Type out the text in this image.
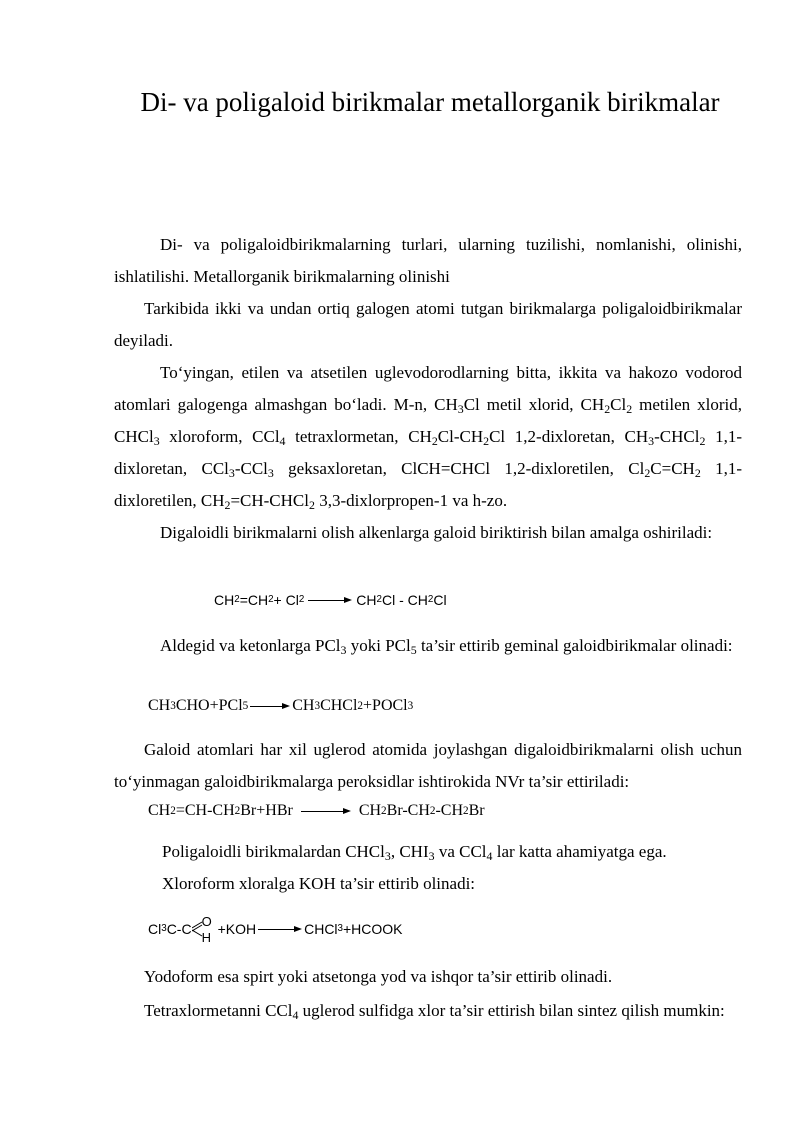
Di- va poligaloid birikmalar metallorganik birikmalar
Di- va poligaloidbirikmalarning turlari, ularning tuzilishi, nomlanishi, olinishi, ishlatilishi. Metallorganik birikmalarning olinishi
Tarkibida ikki va undan ortiq galogen atomi tutgan birikmalarga poligaloidbirikmalar deyiladi.
To‘yingan, etilen va atsetilen uglevodorodlarning bitta, ikkita va hakozo vodorod atomlari galogenga almashgan bo‘ladi. M-n, $CH_3Cl$ metil xlorid, $CH_2Cl_2$ metilen xlorid, CHCl$_3$ xloroform, CCl$_4$ tetraxlormetan, $CH_2Cl-CH_2Cl$ 1,2-dixloretan, $CH_3-CHCl_2$ 1,1-dixloretan, CCl$_3$-CCl$_3$ geksaxloretan, ClCH=CHCl 1,2-dixloretilen, $Cl_2C=CH_2$ 1,1-dixloretilen, $CH_2=CH-CHCl_2$ 3,3-dixlorpropen-1 va h-zo.
Digaloidli birikmalarni olish alkenlarga galoid biriktirish bilan amalga oshiriladi:
CH 2 =CH 2 + Cl 2	CH 2 Cl - CH 2 Cl
Aldegid va ketonlarga PCl$_3$ yoki PCl$_5$ ta’sir ettirib geminal galoidbirikmalar olinadi:
CH 3 CHO+PCl 5	CH 3 CHCl 2 +POCl 3
Galoid atomlari har xil uglerod atomida joylashgan digaloidbirikmalarni olish uchun to‘yinmagan galoidbirikmalarga peroksidlar ishtirokida NVr ta’sir ettiriladi:
CH 2 =CH-CH 2 Br+HBr	CH 2 Br-CH 2 -CH 2 Br
Poligaloidli birikmalardan CHCl$_3$, $CHI_3$ va CCl$_4$ lar katta ahamiyatga ega.
Xloroform xloralga KOH ta’sir ettirib olinadi:
Cl 3 C-C O
H
+KOH	CHCl 3 +HCOOK
Yodoform esa spirt yoki atsetonga yod va ishqor ta’sir ettirib olinadi.
Tetraxlormetanni CCl$_4$ uglerod sulfidga xlor ta’sir ettirish bilan sintez qilish mumkin:
